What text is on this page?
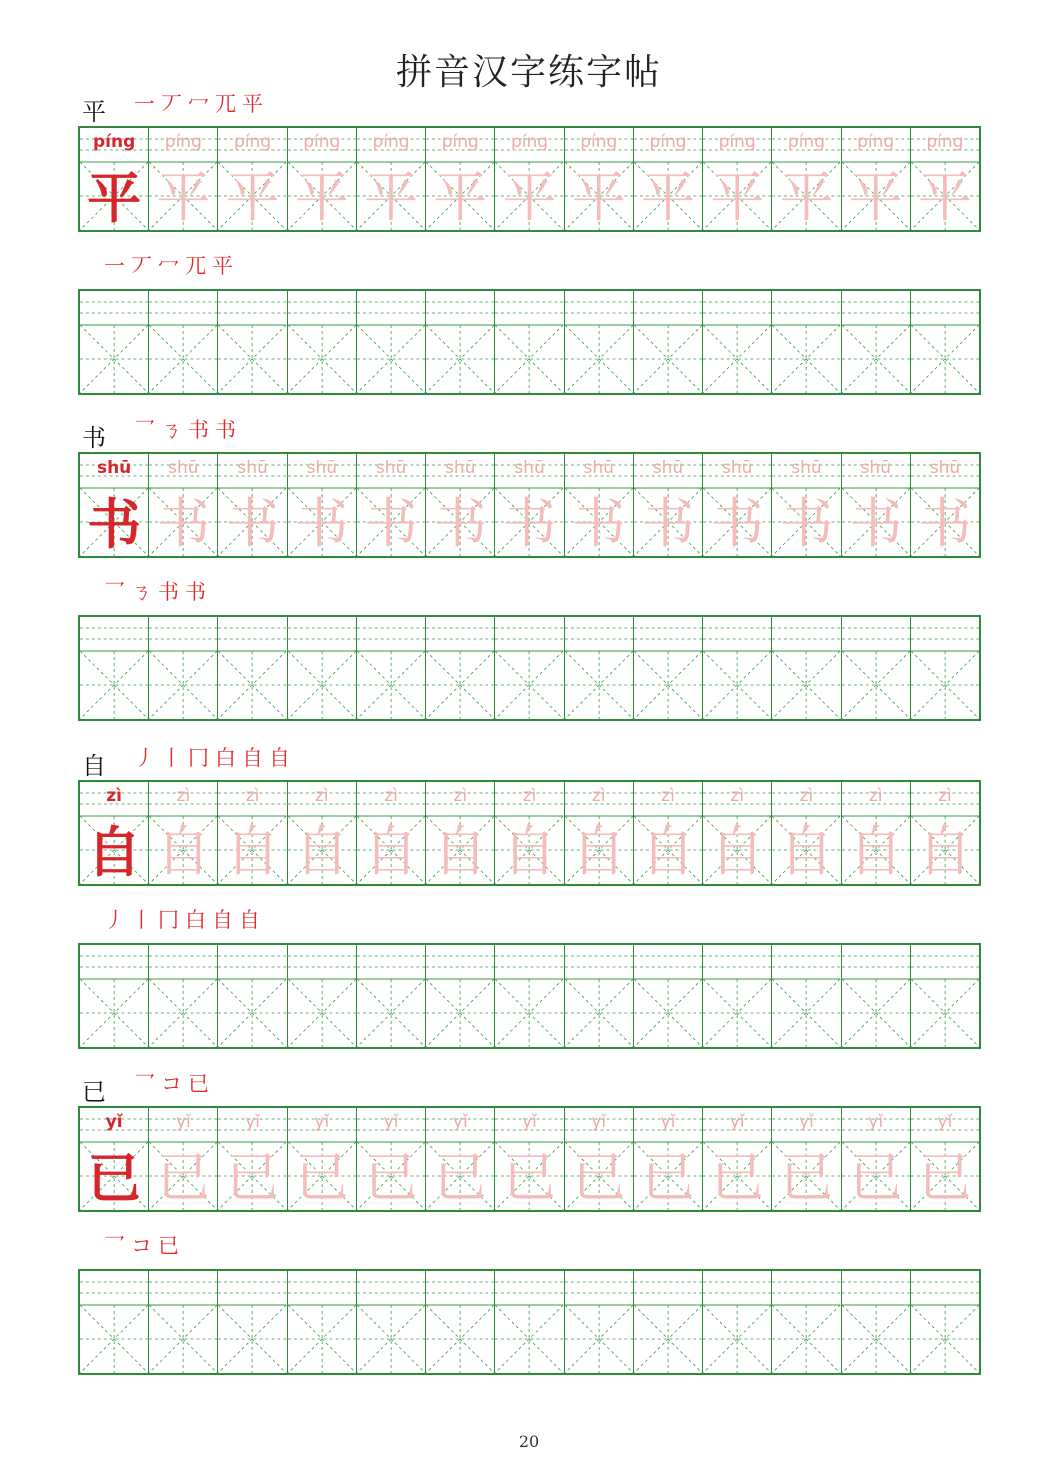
拼音汉字练字帖
20
平 一 丆 冖 ㄫ 平
píng
平
píng
平
píng
平
píng
平
píng
平
píng
平
píng
平
píng
平
píng
平
píng
平
píng
平
píng
平
píng
平
一 丆 冖 ㄫ 平
书 乛 ㄋ 书 书
shū
书
shū
书
shū
书
shū
书
shū
书
shū
书
shū
书
shū
书
shū
书
shū
书
shū
书
shū
书
shū
书
乛 ㄋ 书 书
自 丿 丨 冂 白 自 自
zì
自
zì
自
zì
自
zì
自
zì
自
zì
自
zì
自
zì
自
zì
自
zì
自
zì
自
zì
自
zì
自
丿 丨 冂 白 自 自
已 乛 コ 已
yǐ
已
yǐ
已
yǐ
已
yǐ
已
yǐ
已
yǐ
已
yǐ
已
yǐ
已
yǐ
已
yǐ
已
yǐ
已
yǐ
已
yǐ
已
乛 コ 已
